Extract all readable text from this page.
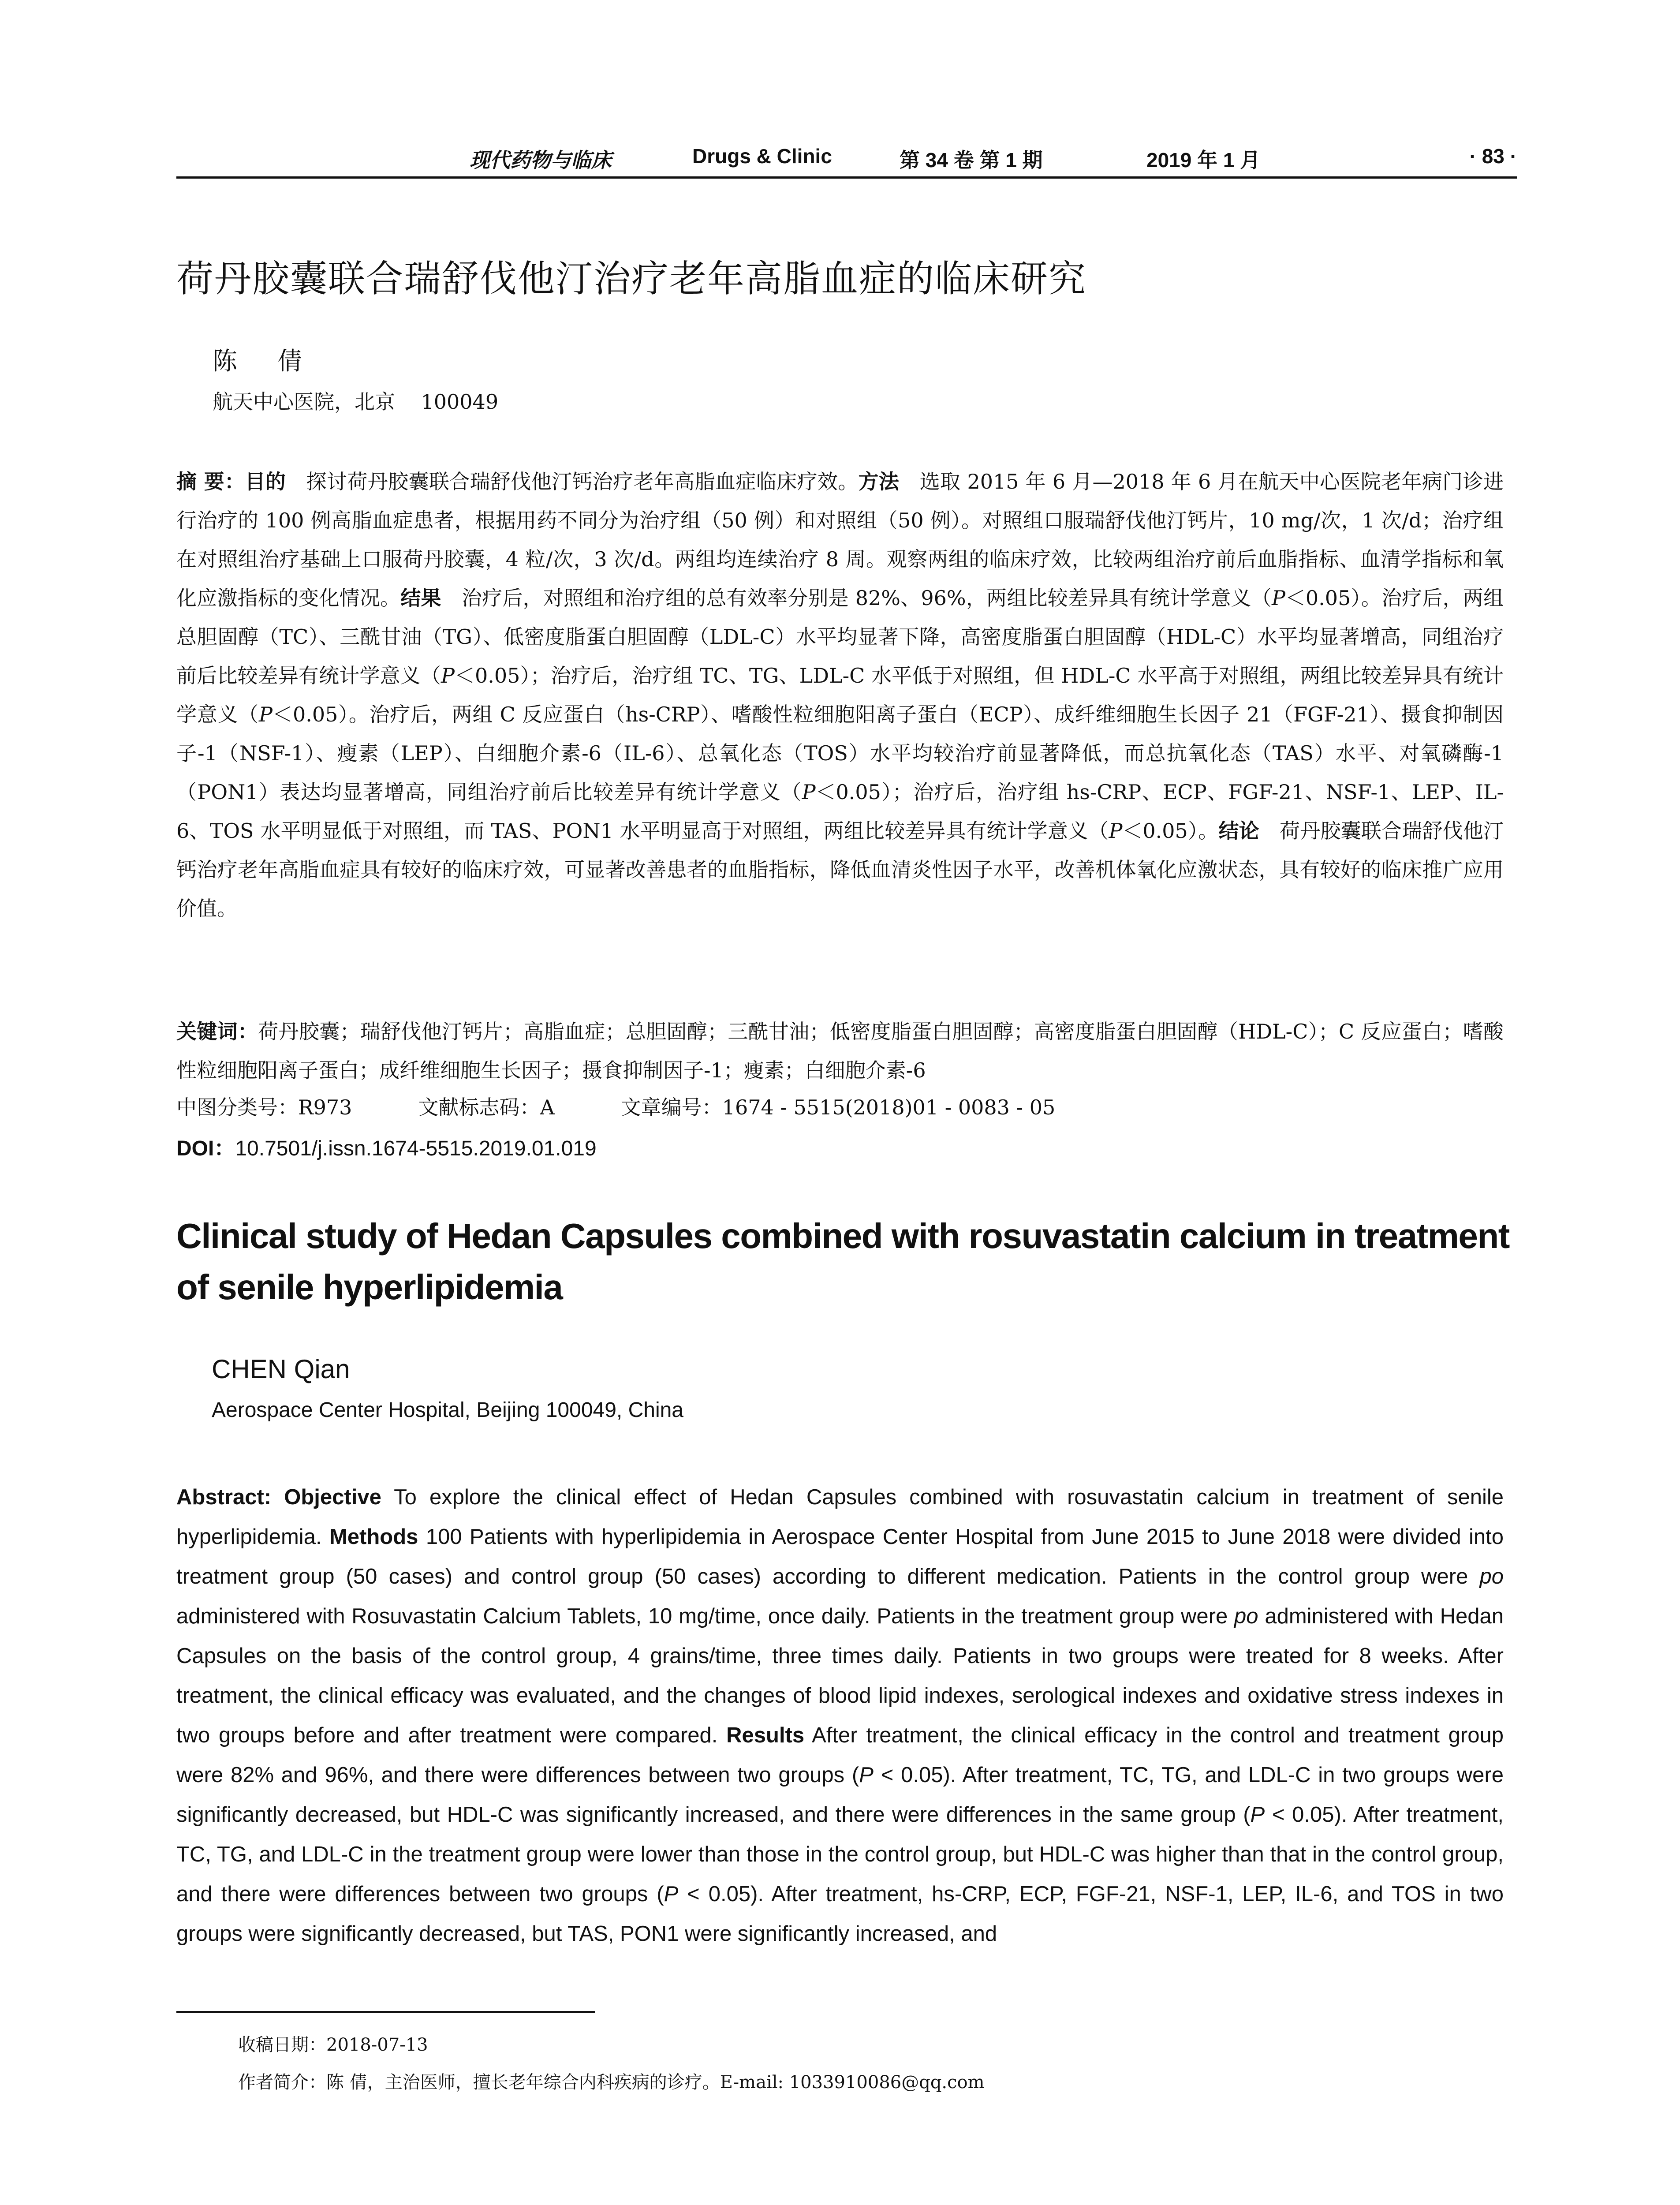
现代药物与临床	Drugs & Clinic	第 34 卷 第 1 期	2019 年 1 月	· 83 ·
荷丹胶囊联合瑞舒伐他汀治疗老年高脂血症的临床研究
陈    倩
航天中心医院，北京    100049
摘 要：目的　探讨荷丹胶囊联合瑞舒伐他汀钙治疗老年高脂血症临床疗效。方法　选取 2015 年 6 月—2018 年 6 月在航天中心医院老年病门诊进行治疗的 100 例高脂血症患者，根据用药不同分为治疗组（50 例）和对照组（50 例）。对照组口服瑞舒伐他汀钙片，10 mg/次，1 次/d；治疗组在对照组治疗基础上口服荷丹胶囊，4 粒/次，3 次/d。两组均连续治疗 8 周。观察两组的临床疗效，比较两组治疗前后血脂指标、血清学指标和氧化应激指标的变化情况。结果　治疗后，对照组和治疗组的总有效率分别是 82%、96%，两组比较差异具有统计学意义（P＜0.05）。治疗后，两组总胆固醇（TC）、三酰甘油（TG）、低密度脂蛋白胆固醇（LDL-C）水平均显著下降，高密度脂蛋白胆固醇（HDL-C）水平均显著增高，同组治疗前后比较差异有统计学意义（P＜0.05）；治疗后，治疗组 TC、TG、LDL-C 水平低于对照组，但 HDL-C 水平高于对照组，两组比较差异具有统计学意义（P＜0.05）。治疗后，两组 C 反应蛋白（hs-CRP）、嗜酸性粒细胞阳离子蛋白（ECP）、成纤维细胞生长因子 21（FGF-21）、摄食抑制因子-1（NSF-1）、瘦素（LEP）、白细胞介素-6（IL-6）、总氧化态（TOS）水平均较治疗前显著降低，而总抗氧化态（TAS）水平、对氧磷酶-1（PON1）表达均显著增高，同组治疗前后比较差异有统计学意义（P＜0.05）；治疗后，治疗组 hs-CRP、ECP、FGF-21、NSF-1、LEP、IL-6、TOS 水平明显低于对照组，而 TAS、PON1 水平明显高于对照组，两组比较差异具有统计学意义（P＜0.05）。结论　荷丹胶囊联合瑞舒伐他汀钙治疗老年高脂血症具有较好的临床疗效，可显著改善患者的血脂指标，降低血清炎性因子水平，改善机体氧化应激状态，具有较好的临床推广应用价值。
关键词：荷丹胶囊；瑞舒伐他汀钙片；高脂血症；总胆固醇；三酰甘油；低密度脂蛋白胆固醇；高密度脂蛋白胆固醇（HDL-C）；C 反应蛋白；嗜酸性粒细胞阳离子蛋白；成纤维细胞生长因子；摄食抑制因子-1；瘦素；白细胞介素-6
中图分类号：R973	文献标志码：A	文章编号：1674 - 5515(2018)01 - 0083 - 05
DOI：10.7501/j.issn.1674-5515.2019.01.019
Clinical study of Hedan Capsules combined with rosuvastatin calcium in treatment of senile hyperlipidemia
CHEN Qian
Aerospace Center Hospital, Beijing 100049, China
Abstract: Objective To explore the clinical effect of Hedan Capsules combined with rosuvastatin calcium in treatment of senile hyperlipidemia. Methods 100 Patients with hyperlipidemia in Aerospace Center Hospital from June 2015 to June 2018 were divided into treatment group (50 cases) and control group (50 cases) according to different medication. Patients in the control group were po administered with Rosuvastatin Calcium Tablets, 10 mg/time, once daily. Patients in the treatment group were po administered with Hedan Capsules on the basis of the control group, 4 grains/time, three times daily. Patients in two groups were treated for 8 weeks. After treatment, the clinical efficacy was evaluated, and the changes of blood lipid indexes, serological indexes and oxidative stress indexes in two groups before and after treatment were compared. Results After treatment, the clinical efficacy in the control and treatment group were 82% and 96%, and there were differences between two groups (P < 0.05). After treatment, TC, TG, and LDL-C in two groups were significantly decreased, but HDL-C was significantly increased, and there were differences in the same group (P < 0.05). After treatment, TC, TG, and LDL-C in the treatment group were lower than those in the control group, but HDL-C was higher than that in the control group, and there were differences between two groups (P < 0.05). After treatment, hs-CRP, ECP, FGF-21, NSF-1, LEP, IL-6, and TOS in two groups were significantly decreased, but TAS, PON1 were significantly increased, and
收稿日期：2018-07-13
作者简介：陈 倩，主治医师，擅长老年综合内科疾病的诊疗。E-mail: 1033910086@qq.com
